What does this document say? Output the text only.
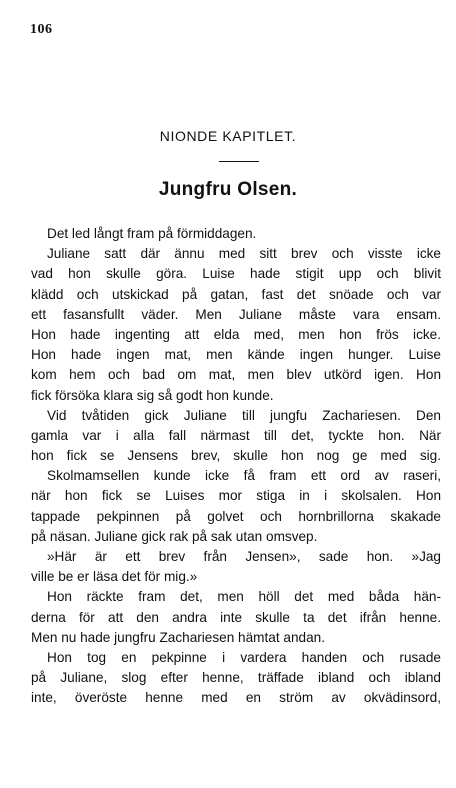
106
NIONDE KAPITLET.
Jungfru Olsen.
Det led långt fram på förmiddagen.
Juliane satt där ännu med sitt brev och visste icke
vad hon skulle göra. Luise hade stigit upp och blivit
klädd och utskickad på gatan, fast det snöade och var
ett fasansfullt väder. Men Juliane måste vara ensam.
Hon hade ingenting att elda med, men hon frös icke.
Hon hade ingen mat, men kände ingen hunger. Luise
kom hem och bad om mat, men blev utkörd igen. Hon
fick försöka klara sig så godt hon kunde.
Vid tvåtiden gick Juliane till jungfu Zachariesen. Den
gamla var i alla fall närmast till det, tyckte hon. När
hon fick se Jensens brev, skulle hon nog ge med sig.
Skolmamsellen kunde icke få fram ett ord av raseri,
när hon fick se Luises mor stiga in i skolsalen. Hon
tappade pekpinnen på golvet och hornbrillorna skakade
på näsan. Juliane gick rak på sak utan omsvep.
»Här är ett brev från Jensen», sade hon. »Jag
ville be er läsa det för mig.»
Hon räckte fram det, men höll det med båda hän-
derna för att den andra inte skulle ta det ifrån henne.
Men nu hade jungfru Zachariesen hämtat andan.
Hon tog en pekpinne i vardera handen och rusade
på Juliane, slog efter henne, träffade ibland och ibland
inte, överöste henne med en ström av okvädinsord,
